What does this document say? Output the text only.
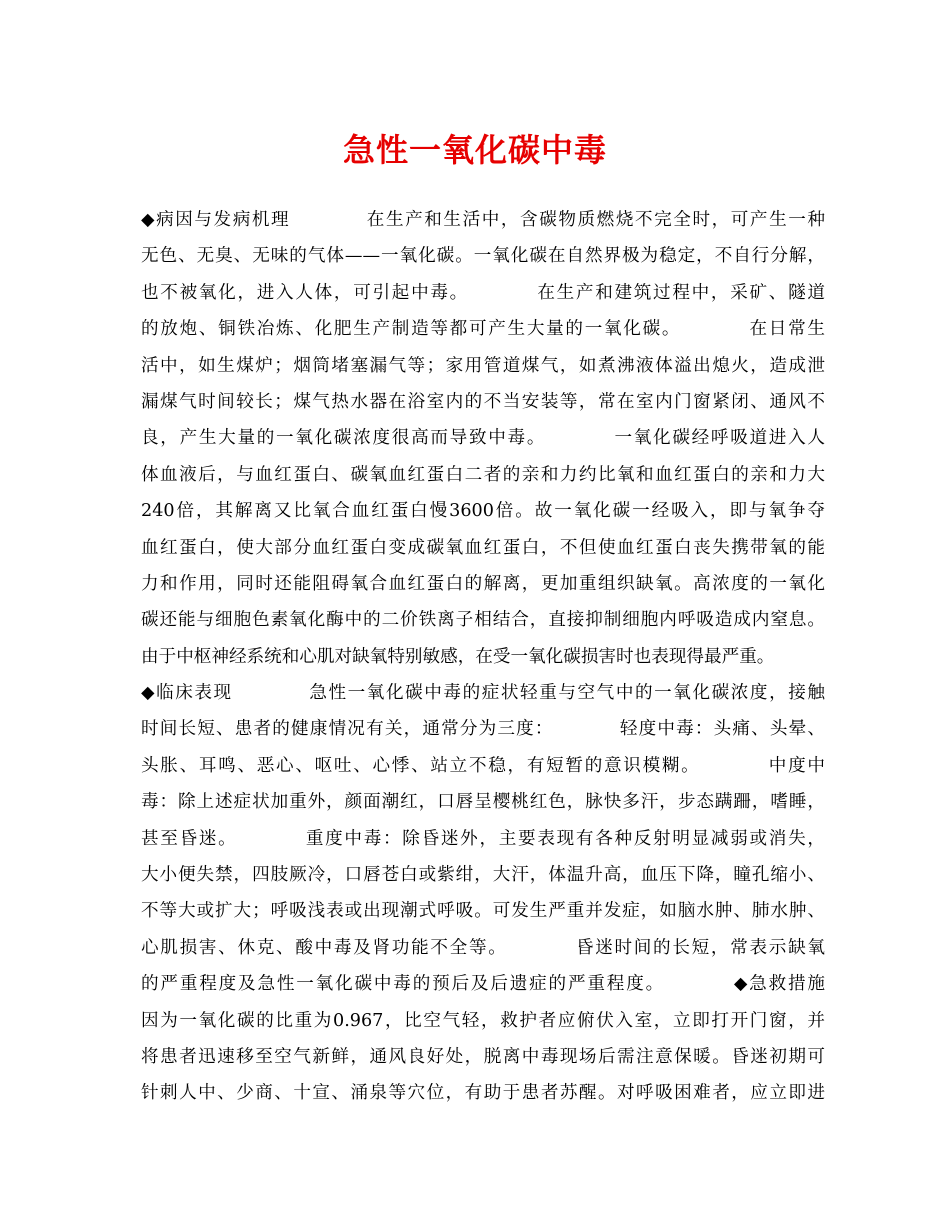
急性一氧化碳中毒
◆病因与发病机理　　　　在生产和生活中，含碳物质燃烧不完全时，可产生一种
无色、无臭、无味的气体——一氧化碳。一氧化碳在自然界极为稳定，不自行分解，
也不被氧化，进入人体，可引起中毒。　　　　在生产和建筑过程中，采矿、隧道
的放炮、铜铁冶炼、化肥生产制造等都可产生大量的一氧化碳。　　　　在日常生
活中，如生煤炉；烟筒堵塞漏气等；家用管道煤气，如煮沸液体溢出熄火，造成泄
漏煤气时间较长；煤气热水器在浴室内的不当安装等，常在室内门窗紧闭、通风不
良，产生大量的一氧化碳浓度很高而导致中毒。　　　　一氧化碳经呼吸道进入人
体血液后，与血红蛋白、碳氧血红蛋白二者的亲和力约比氧和血红蛋白的亲和力大
240倍，其解离又比氧合血红蛋白慢3600倍。故一氧化碳一经吸入，即与氧争夺
血红蛋白，使大部分血红蛋白变成碳氧血红蛋白，不但使血红蛋白丧失携带氧的能
力和作用，同时还能阻碍氧合血红蛋白的解离，更加重组织缺氧。高浓度的一氧化
碳还能与细胞色素氧化酶中的二价铁离子相结合，直接抑制细胞内呼吸造成内窒息。
由于中枢神经系统和心肌对缺氧特别敏感，在受一氧化碳损害时也表现得最严重。
◆临床表现　　　　急性一氧化碳中毒的症状轻重与空气中的一氧化碳浓度，接触
时间长短、患者的健康情况有关，通常分为三度：　　　　轻度中毒：头痛、头晕、
头胀、耳鸣、恶心、呕吐、心悸、站立不稳，有短暂的意识模糊。　　　　中度中
毒：除上述症状加重外，颜面潮红，口唇呈樱桃红色，脉快多汗，步态蹒跚，嗜睡，
甚至昏迷。　　　　重度中毒：除昏迷外，主要表现有各种反射明显减弱或消失，
大小便失禁，四肢厥冷，口唇苍白或紫绀，大汗，体温升高，血压下降，瞳孔缩小、
不等大或扩大；呼吸浅表或出现潮式呼吸。可发生严重并发症，如脑水肿、肺水肿、
心肌损害、休克、酸中毒及肾功能不全等。　　　　昏迷时间的长短，常表示缺氧
的严重程度及急性一氧化碳中毒的预后及后遗症的严重程度。　　　　◆急救措施
因为一氧化碳的比重为0.967，比空气轻，救护者应俯伏入室，立即打开门窗，并
将患者迅速移至空气新鲜，通风良好处，脱离中毒现场后需注意保暖。昏迷初期可
针刺人中、少商、十宣、涌泉等穴位，有助于患者苏醒。对呼吸困难者，应立即进
